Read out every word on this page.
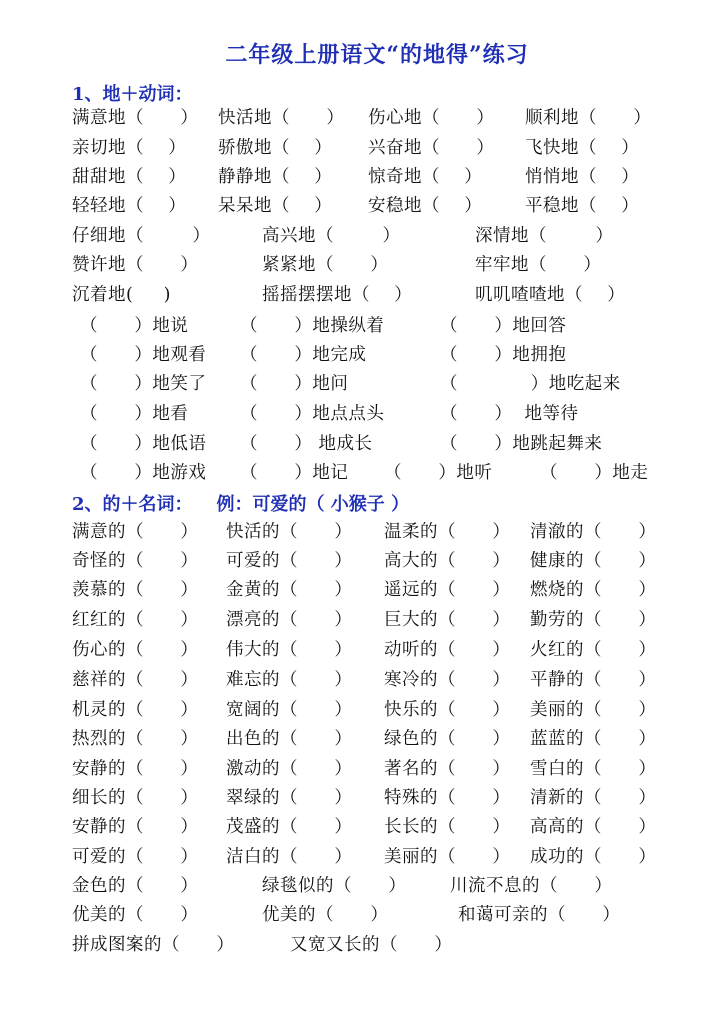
二年级上册语文“的地得”练习
1、地＋动词：
2、的＋名词： 例：可爱的（ 小猴子 ）
满意地（      ） 快活地（      ） 伤心地（      ） 顺利地（      ）
亲切地（    ） 骄傲地（    ） 兴奋地（      ） 飞快地（    ）
甜甜地（    ） 静静地（    ） 惊奇地（    ） 悄悄地（    ）
轻轻地（    ） 呆呆地（    ） 安稳地（    ） 平稳地（    ）
仔细地（        ）	高兴地（        ）	深情地（        ）
赞许地（      ）	紧紧地（      ）	牢牢地（      ）
沉着地(     )	摇摇摆摆地（    ）	叽叽喳喳地（    ）
（      ）地说	（      ）地操纵着	（      ）地回答
（      ）地观看 （      ）地完成	（      ）地拥抱
（      ）地笑了 （      ）地问	（            ）地吃起来
（      ）地看	（      ）地点点头	（      ）  地等待
（      ）地低语 （      ） 地成长	（      ）地跳起舞来
（      ）地游戏 （      ）地记 （      ）地听	（      ）地走
满意的（      ） 快活的（      ） 温柔的（      ） 清澈的（      ）
奇怪的（      ） 可爱的（      ） 高大的（      ） 健康的（      ）
羡慕的（      ） 金黄的（      ） 遥远的（      ） 燃烧的（      ）
红红的（      ） 漂亮的（      ） 巨大的（      ） 勤劳的（      ）
伤心的（      ） 伟大的（      ） 动听的（      ） 火红的（      ）
慈祥的（      ） 难忘的（      ） 寒冷的（      ） 平静的（      ）
机灵的（      ） 宽阔的（      ） 快乐的（      ） 美丽的（      ）
热烈的（      ） 出色的（      ） 绿色的（      ） 蓝蓝的（      ）
安静的（      ） 激动的（      ） 著名的（      ） 雪白的（      ）
细长的（      ） 翠绿的（      ） 特殊的（      ） 清新的（      ）
安静的（      ） 茂盛的（      ） 长长的（      ） 高高的（      ）
可爱的（      ） 洁白的（      ） 美丽的（      ） 成功的（      ）
金色的（      ）	绿毯似的（      ） 川流不息的（      ）
优美的（      ）	优美的（      ）	和蔼可亲的（      ）
拼成图案的（      ）	又宽又长的（      ）
